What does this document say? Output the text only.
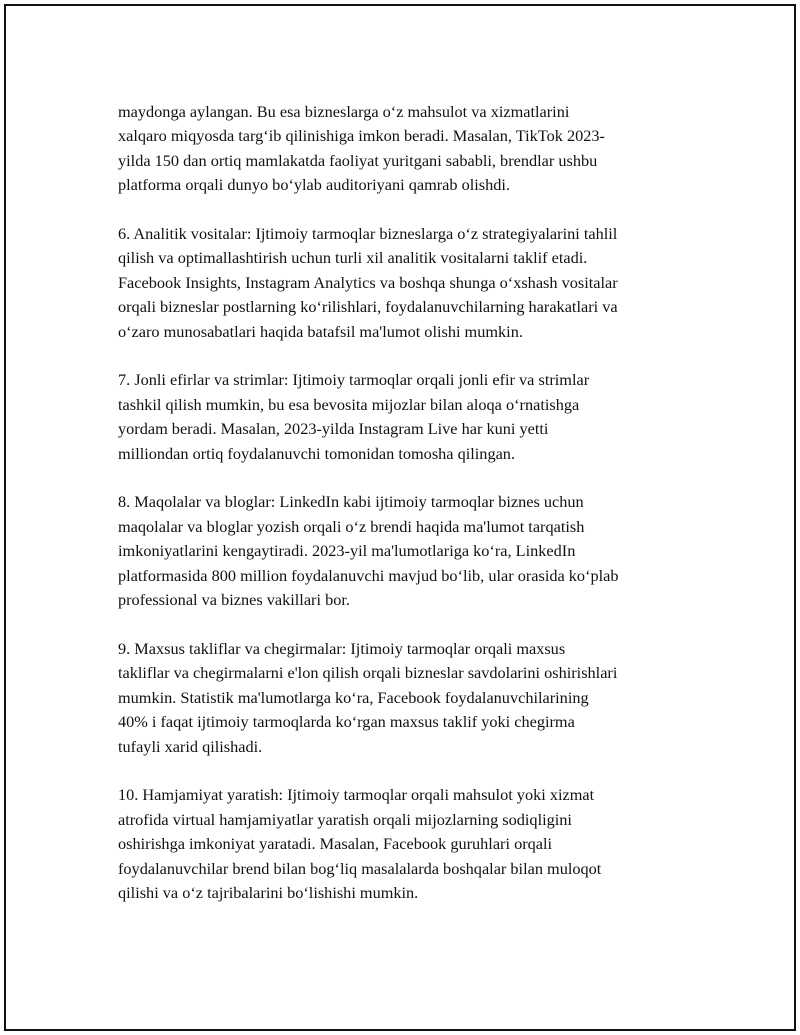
maydonga aylangan. Bu esa bizneslarga o‘z mahsulot va xizmatlarini
xalqaro miqyosda targ‘ib qilinishiga imkon beradi. Masalan, TikTok 2023-
yilda 150 dan ortiq mamlakatda faoliyat yuritgani sababli, brendlar ushbu
platforma orqali dunyo bo‘ylab auditoriyani qamrab olishdi.

6. Analitik vositalar: Ijtimoiy tarmoqlar bizneslarga o‘z strategiyalarini tahlil
qilish va optimallashtirish uchun turli xil analitik vositalarni taklif etadi.
Facebook Insights, Instagram Analytics va boshqa shunga o‘xshash vositalar
orqali bizneslar postlarning ko‘rilishlari, foydalanuvchilarning harakatlari va
o‘zaro munosabatlari haqida batafsil ma'lumot olishi mumkin.

7. Jonli efirlar va strimlar: Ijtimoiy tarmoqlar orqali jonli efir va strimlar
tashkil qilish mumkin, bu esa bevosita mijozlar bilan aloqa o‘rnatishga
yordam beradi. Masalan, 2023-yilda Instagram Live har kuni yetti
milliondan ortiq foydalanuvchi tomonidan tomosha qilingan.

8. Maqolalar va bloglar: LinkedIn kabi ijtimoiy tarmoqlar biznes uchun
maqolalar va bloglar yozish orqali o‘z brendi haqida ma'lumot tarqatish
imkoniyatlarini kengaytiradi. 2023-yil ma'lumotlariga ko‘ra, LinkedIn
platformasida 800 million foydalanuvchi mavjud bo‘lib, ular orasida ko‘plab
professional va biznes vakillari bor.

9. Maxsus takliflar va chegirmalar: Ijtimoiy tarmoqlar orqali maxsus
takliflar va chegirmalarni e'lon qilish orqali bizneslar savdolarini oshirishlari
mumkin. Statistik ma'lumotlarga ko‘ra, Facebook foydalanuvchilarining
40% i faqat ijtimoiy tarmoqlarda ko‘rgan maxsus taklif yoki chegirma
tufayli xarid qilishadi.

10. Hamjamiyat yaratish: Ijtimoiy tarmoqlar orqali mahsulot yoki xizmat
atrofida virtual hamjamiyatlar yaratish orqali mijozlarning sodiqligini
oshirishga imkoniyat yaratadi. Masalan, Facebook guruhlari orqali
foydalanuvchilar brend bilan bog‘liq masalalarda boshqalar bilan muloqot
qilishi va o‘z tajribalarini bo‘lishishi mumkin.
